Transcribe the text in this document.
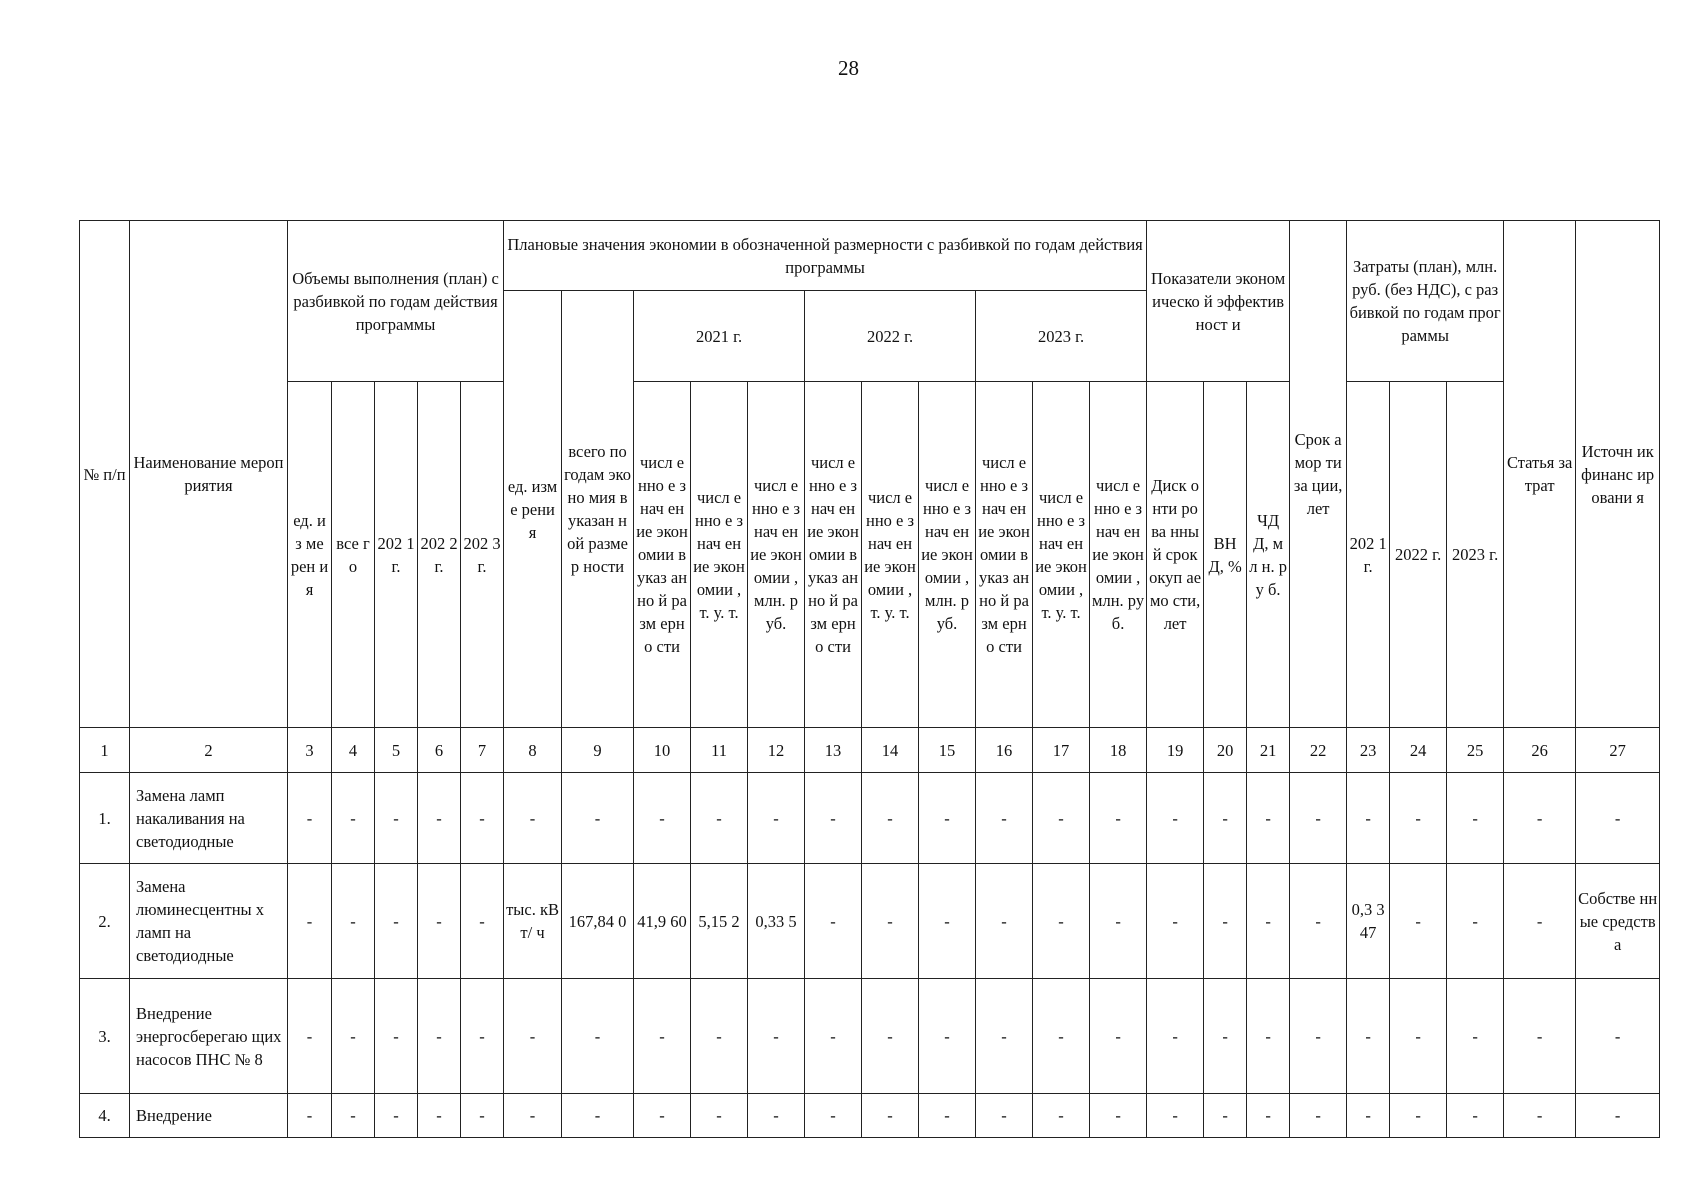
28
№ п/п	Наименование мероприятия	Объемы выполнения (план) с разбивкой по годам действия программы					Плановые значения экономии в обозначенной размерности с разбивкой по годам действия программы											Показатели экономическо й эффективност и			Срок амор тиза ции, лет	Затраты (план), млн. руб. (без НДС), с разбивкой по годам программы			Статья затрат	Источн ик финанс ировани я
							ед. изме рени я	всего по годам эконо мия в указан ной размер ности	2021 г.			2022 г.			2023 г.											
		ед. из ме рен ия	все го	202 1 г.	202 2 г.	202 3 г.			числ енно е знач ение экон омии в указ анно й разм ерно сти	числ енно е знач ение экон омии , т. у. т.	числ енно е знач ение экон омии , млн. руб.	числ енно е знач ение экон омии в указ анно й разм ерно сти	числ енно е знач ение экон омии , т. у. т.	числ енно е знач ение экон омии , млн. руб.	числ енно е знач ение экон омии в указ анно й разм ерно сти	числ енно е знач ение экон омии , т. у. т.	числ енно е знач ение экон омии , млн. руб.	Диск онти рова нны й срок окуп аемо сти, лет	ВН Д, %	ЧД Д, мл н. ру б.		202 1 г.	2022 г.	2023 г.		
1	2	3	4	5	6	7	8	9	10	11	12	13	14	15	16	17	18	19	20	21	22	23	24	25	26	27
1.	Замена ламп накаливания на светодиодные	-	-	-	-	-	-	-	-	-	-	-	-	-	-	-	-	-	-	-	-	-	-	-	-	-
2.	Замена люминесцентны х ламп на светодиодные	-	-	-	-	-	тыс. кВт/ ч	167,84 0	41,9 60	5,15 2	0,33 5	-	-	-	-	-	-	-	-	-	-	0,3 347	-	-	-	Собстве нные средств а
3.	Внедрение энергосберегаю щих насосов ПНС № 8	-	-	-	-	-	-	-	-	-	-	-	-	-	-	-	-	-	-	-	-	-	-	-	-	-
4.	Внедрение	-	-	-	-	-	-	-	-	-	-	-	-	-	-	-	-	-	-	-	-	-	-	-	-	-
